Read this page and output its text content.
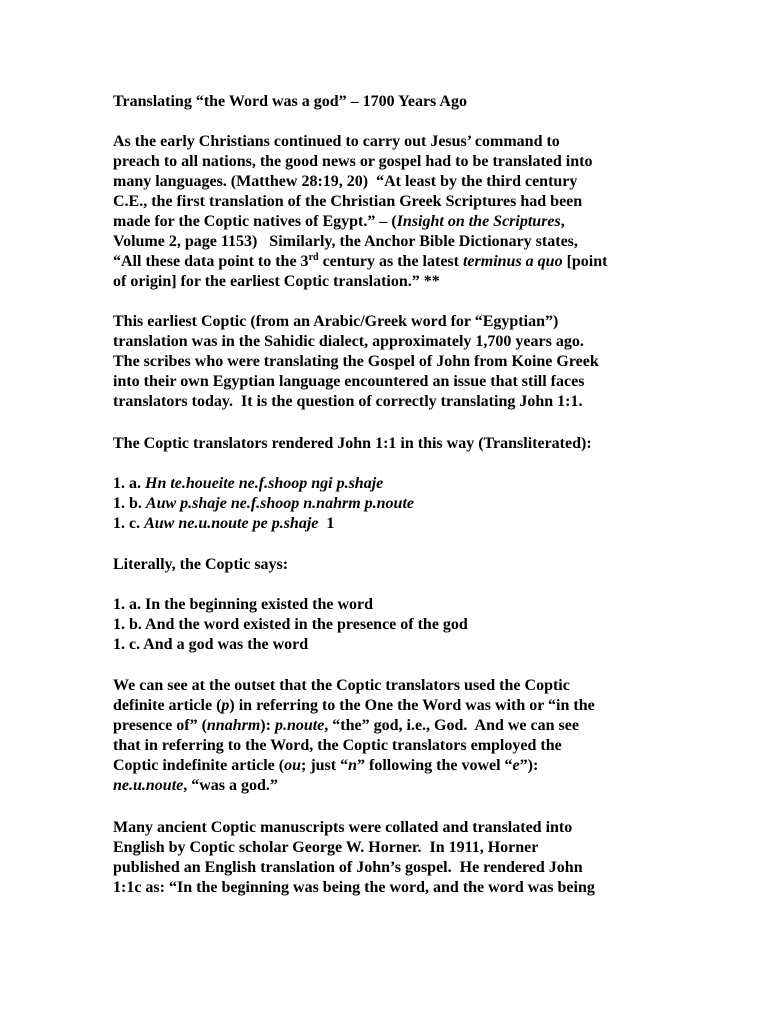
Translating “the Word was a god” – 1700 Years Ago
As the early Christians continued to carry out Jesus’ command to
preach to all nations, the good news or gospel had to be translated into
many languages. (Matthew 28:19, 20)  “At least by the third century
C.E., the first translation of the Christian Greek Scriptures had been
made for the Coptic natives of Egypt.” – (Insight on the Scriptures,
Volume 2, page 1153)   Similarly, the Anchor Bible Dictionary states,
“All these data point to the 3rd century as the latest terminus a quo [point
of origin] for the earliest Coptic translation.” **
This earliest Coptic (from an Arabic/Greek word for “Egyptian”)
translation was in the Sahidic dialect, approximately 1,700 years ago.
The scribes who were translating the Gospel of John from Koine Greek
into their own Egyptian language encountered an issue that still faces
translators today.  It is the question of correctly translating John 1:1.
The Coptic translators rendered John 1:1 in this way (Transliterated):
1. a. Hn te.houeite ne.f.shoop ngi p.shaje
1. b. Auw p.shaje ne.f.shoop n.nahrm p.noute
1. c. Auw ne.u.noute pe p.shaje  1
Literally, the Coptic says:
1. a. In the beginning existed the word
1. b. And the word existed in the presence of the god
1. c. And a god was the word
We can see at the outset that the Coptic translators used the Coptic
definite article (p) in referring to the One the Word was with or “in the
presence of” (nnahrm): p.noute, “the” god, i.e., God.  And we can see
that in referring to the Word, the Coptic translators employed the
Coptic indefinite article (ou; just “n” following the vowel “e”):
ne.u.noute, “was a god.”
Many ancient Coptic manuscripts were collated and translated into
English by Coptic scholar George W. Horner.  In 1911, Horner
published an English translation of John’s gospel.  He rendered John
1:1c as: “In the beginning was being the word, and the word was being
